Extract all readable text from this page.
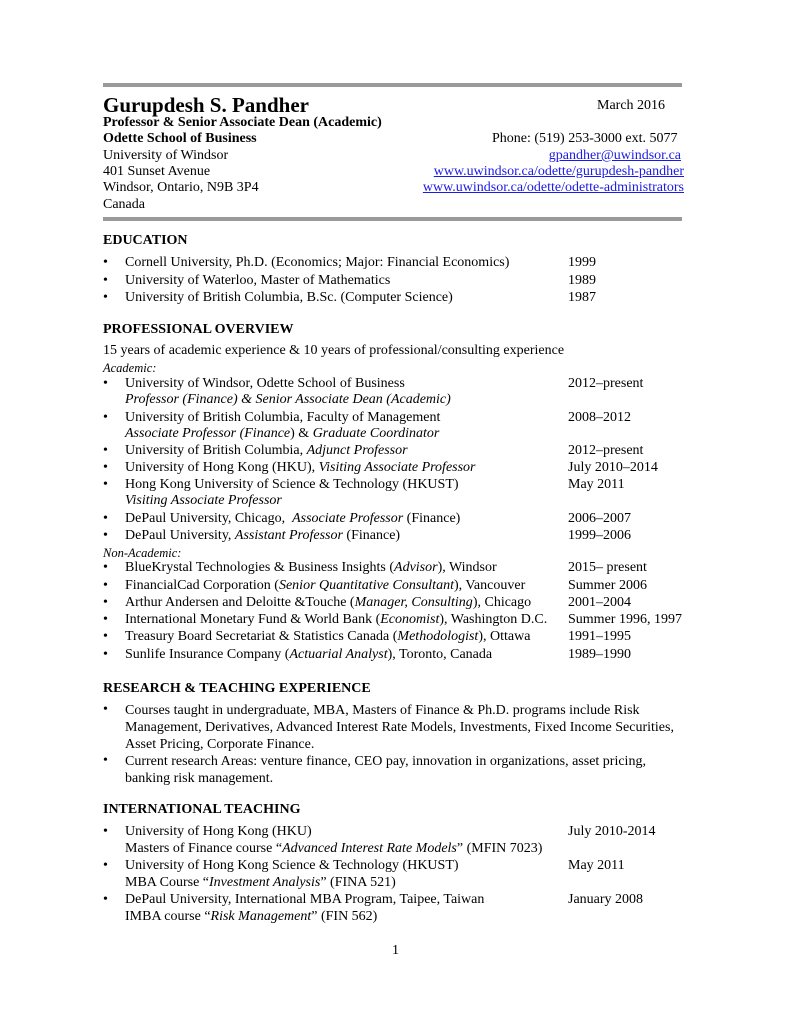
Gurupdesh S. Pandher	March 2016
Professor & Senior Associate Dean (Academic)
Odette School of Business	Phone: (519) 253-3000 ext. 5077
University of Windsor	gpandher@uwindsor.ca
401 Sunset Avenue	www.uwindsor.ca/odette/gurupdesh-pandher
Windsor, Ontario, N9B 3P4	www.uwindsor.ca/odette/odette-administrators
Canada
EDUCATION
•
Cornell University, Ph.D. (Economics; Major: Financial Economics)	1999
•
University of Waterloo, Master of Mathematics	1989
•
University of British Columbia, B.Sc. (Computer Science)	1987
PROFESSIONAL OVERVIEW
15 years of academic experience & 10 years of professional/consulting experience
Academic:
•
University of Windsor, Odette School of Business
Professor (Finance) & Senior Associate Dean (Academic)
2012–present
•
University of British Columbia, Faculty of Management
Associate Professor (Finance) & Graduate Coordinator
2008–2012
•
University of British Columbia, Adjunct Professor	2012–present
•
University of Hong Kong (HKU), Visiting Associate Professor	July 2010–2014
•
Hong Kong University of Science & Technology (HKUST)
Visiting Associate Professor
May 2011
•
DePaul University, Chicago,  Associate Professor (Finance)	2006–2007
•
DePaul University, Assistant Professor (Finance)	1999–2006
Non-Academic:
•
BlueKrystal Technologies & Business Insights (Advisor), Windsor	2015– present
•
FinancialCad Corporation (Senior Quantitative Consultant), Vancouver	Summer 2006
•
Arthur Andersen and Deloitte &Touche (Manager, Consulting), Chicago	2001–2004
•
International Monetary Fund & World Bank (Economist), Washington D.C. Summer 1996, 1997
•
Treasury Board Secretariat & Statistics Canada (Methodologist), Ottawa	1991–1995
•
Sunlife Insurance Company (Actuarial Analyst), Toronto, Canada	1989–1990
RESEARCH & TEACHING EXPERIENCE
•
Courses taught in undergraduate, MBA, Masters of Finance & Ph.D. programs include Risk Management, Derivatives, Advanced Interest Rate Models, Investments, Fixed Income Securities, Asset Pricing, Corporate Finance.
•
Current research Areas: venture finance, CEO pay, innovation in organizations, asset pricing, banking risk management.
INTERNATIONAL TEACHING
•
University of Hong Kong (HKU)
Masters of Finance course “Advanced Interest Rate Models” (MFIN 7023)
July 2010-2014
•
University of Hong Kong Science & Technology (HKUST)
MBA Course “Investment Analysis” (FINA 521)
May 2011
•
DePaul University, International MBA Program, Taipee, Taiwan
IMBA course “Risk Management” (FIN 562)
January 2008
1
